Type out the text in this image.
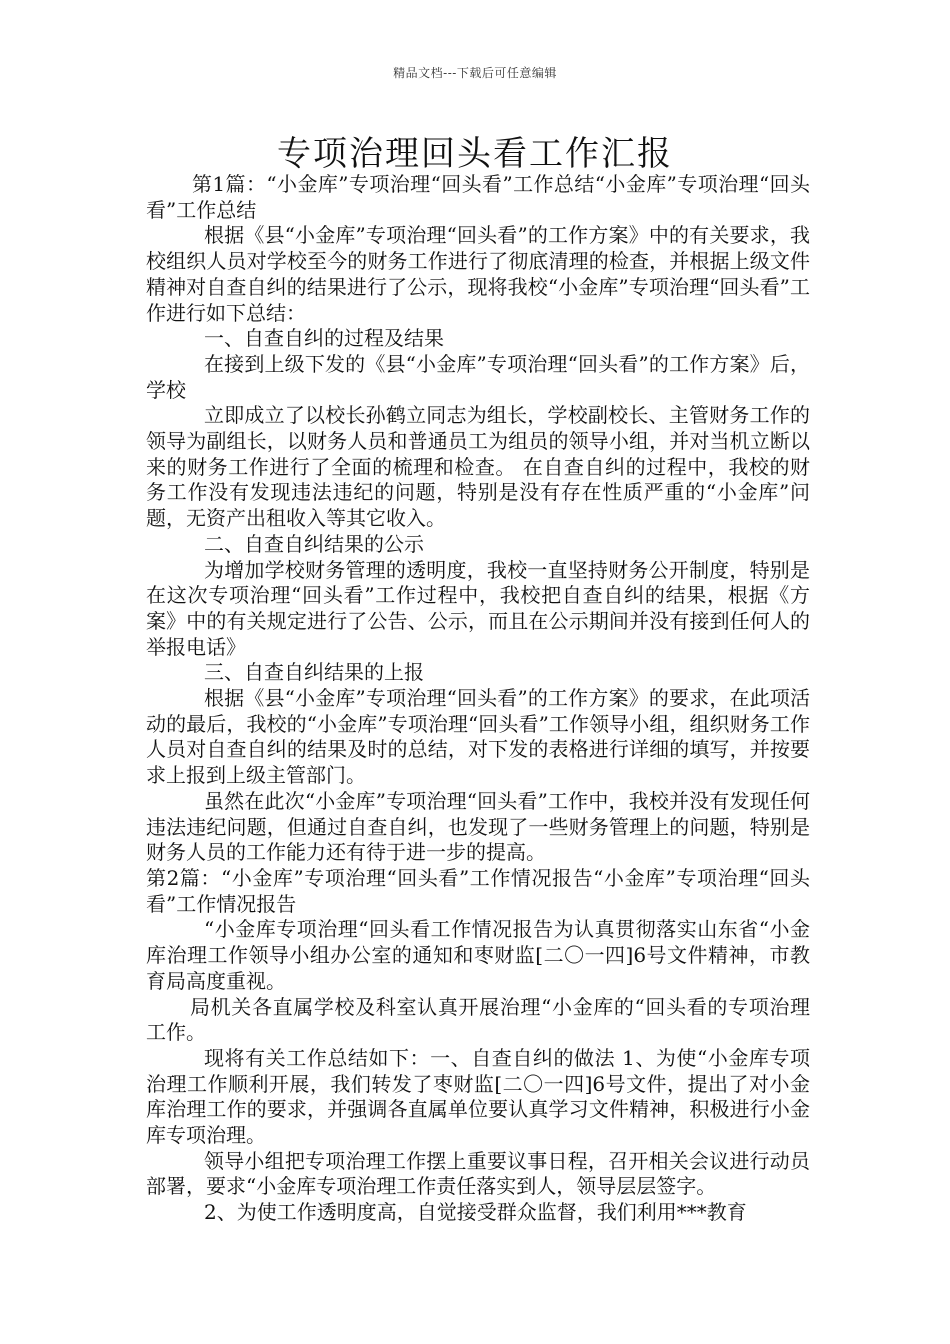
精品文档---下载后可任意编辑
专项治理回头看工作汇报

第1篇：“小金库”专项治理“回头看”工作总结“小金库”专项治理“回头看”工作总结

根据《县“小金库”专项治理“回头看”的工作方案》中的有关要求，我校组织人员对学校至今的财务工作进行了彻底清理的检查，并根据上级文件精神对自查自纠的结果进行了公示，现将我校“小金库”专项治理“回头看”工作进行如下总结：

一、自查自纠的过程及结果

在接到上级下发的《县“小金库”专项治理“回头看”的工作方案》后，学校

立即成立了以校长孙鹤立同志为组长，学校副校长、主管财务工作的领导为副组长，以财务人员和普通员工为组员的领导小组，并对当机立断以来的财务工作进行了全面的梳理和检查。 在自查自纠的过程中，我校的财务工作没有发现违法违纪的问题，特别是没有存在性质严重的“小金库”问题，无资产出租收入等其它收入。

二、自查自纠结果的公示

为增加学校财务管理的透明度，我校一直坚持财务公开制度，特别是在这次专项治理“回头看”工作过程中，我校把自查自纠的结果，根据《方案》中的有关规定进行了公告、公示，而且在公示期间并没有接到任何人的举报电话》

三、自查自纠结果的上报

根据《县“小金库”专项治理“回头看”的工作方案》的要求，在此项活动的最后，我校的“小金库”专项治理“回头看”工作领导小组，组织财务工作人员对自查自纠的结果及时的总结，对下发的表格进行详细的填写，并按要求上报到上级主管部门。

虽然在此次“小金库”专项治理“回头看”工作中，我校并没有发现任何违法违纪问题，但通过自查自纠，也发现了一些财务管理上的问题，特别是财务人员的工作能力还有待于进一步的提高。

第2篇：“小金库”专项治理“回头看”工作情况报告“小金库”专项治理“回头看”工作情况报告

“小金库专项治理“回头看工作情况报告为认真贯彻落实山东省“小金库治理工作领导小组办公室的通知和枣财监[二〇一四]6号文件精神，市教育局高度重视。

局机关各直属学校及科室认真开展治理“小金库的“回头看的专项治理工作。

现将有关工作总结如下：一、自查自纠的做法 1、为使“小金库专项治理工作顺利开展，我们转发了枣财监[二〇一四]6号文件，提出了对小金库治理工作的要求，并强调各直属单位要认真学习文件精神，积极进行小金库专项治理。

领导小组把专项治理工作摆上重要议事日程，召开相关会议进行动员部署，要求“小金库专项治理工作责任落实到人，领导层层签字。

2、为使工作透明度高，自觉接受群众监督，我们利用***教育
